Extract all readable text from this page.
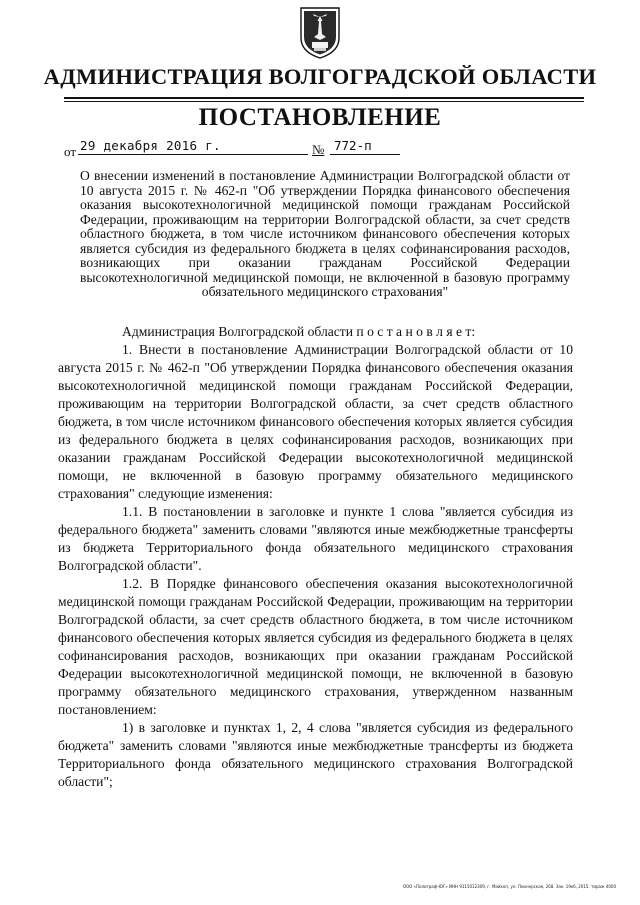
АДМИНИСТРАЦИЯ ВОЛГОГРАДСКОЙ ОБЛАСТИ
ПОСТАНОВЛЕНИЕ
от 29 декабря 2016 г.	№ 772-п
О внесении изменений в постановление Администрации Волгоградской области от 10 августа 2015 г. № 462-п "Об утверждении Порядка финансового обеспечения оказания высокотехнологичной медицинской помощи гражданам Российской Федерации, проживающим на территории Волгоградской области, за счет средств областного бюджета, в том числе источником финансового обеспечения которых является субсидия из федерального бюджета в целях софинансирования расходов, возникающих при оказании гражданам Российской Федерации высокотехнологичной медицинской помощи, не включенной в базовую программу обязательного медицинского страхования"

Администрация Волгоградской области п о с т а н о в л я е т:

1. Внести в постановление Администрации Волгоградской области от 10 августа 2015 г. № 462-п "Об утверждении Порядка финансового обеспечения оказания высокотехнологичной медицинской помощи гражданам Российской Федерации, проживающим на территории Волгоградской области, за счет средств областного бюджета, в том числе источником финансового обеспечения которых является субсидия из федерального бюджета в целях софинансирования расходов, возникающих при оказании гражданам Российской Федерации высокотехнологичной медицинской помощи, не включенной в базовую программу обязательного медицинского страхования" следующие изменения:

1.1. В постановлении в заголовке и пункте 1 слова "является субсидия из федерального бюджета" заменить словами "являются иные межбюджетные трансферты из бюджета Территориального фонда обязательного медицинского страхования Волгоградской области".

1.2. В Порядке финансового обеспечения оказания высокотехнологичной медицинской помощи гражданам Российской Федерации, проживающим на территории Волгоградской области, за счет средств областного бюджета, в том числе источником финансового обеспечения которых является субсидия из федерального бюджета в целях софинансирования расходов, возникающих при оказании гражданам Российской Федерации высокотехнологичной медицинской помощи, не включенной в базовую программу обязательного медицинского страхования, утвержденном названным постановлением:

1) в заголовке и пунктах 1, 2, 4 слова "является субсидия из федерального бюджета" заменить словами "являются иные межбюджетные трансферты из бюджета Территориального фонда обязательного медицинского страхования Волгоградской области";

ООО «Полиграф-ЮГ» ИНН 9115012309, г. Майкоп, ул. Пионерская, 268. Зак. 19кб, 2015. тираж 4000
